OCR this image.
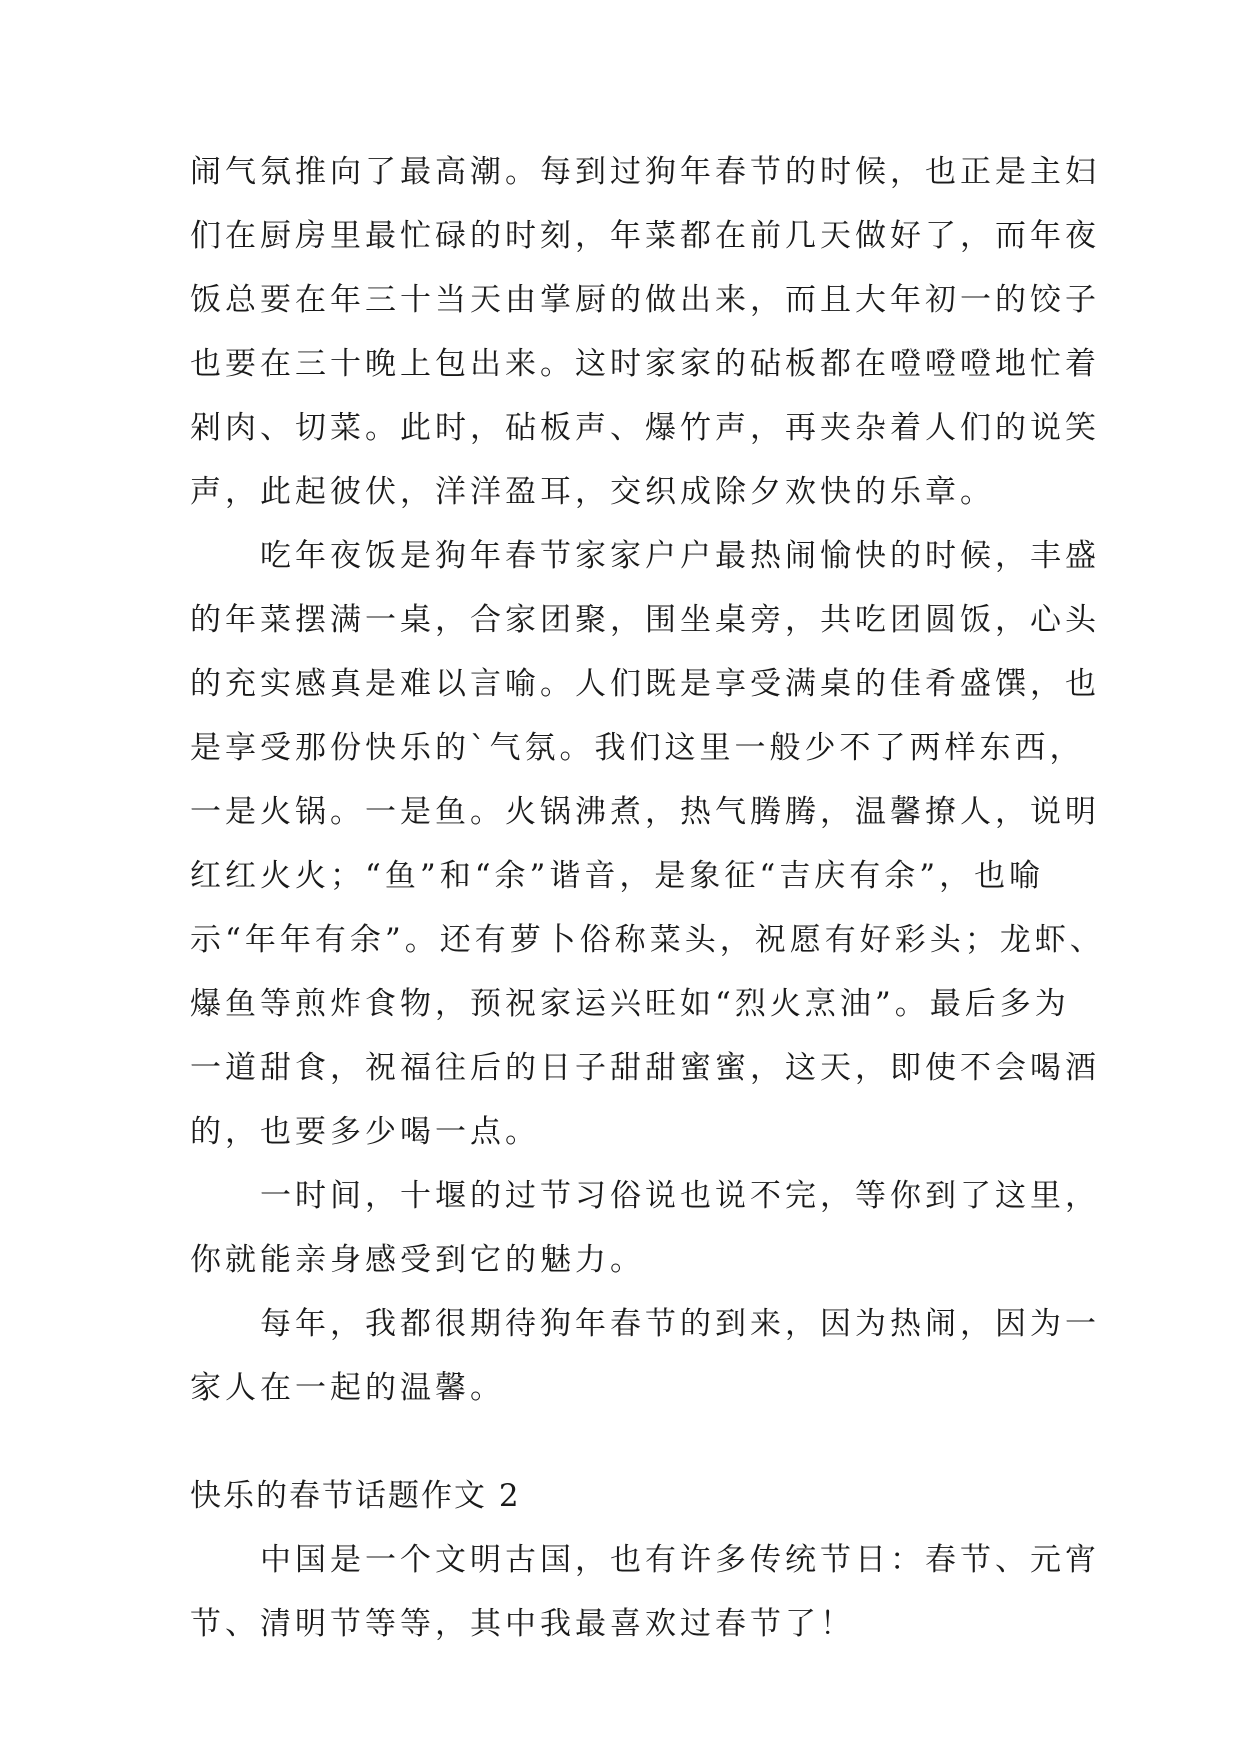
闹气氛推向了最高潮。每到过狗年春节的时候，也正是主妇
们在厨房里最忙碌的时刻，年菜都在前几天做好了，而年夜
饭总要在年三十当天由掌厨的做出来，而且大年初一的饺子
也要在三十晚上包出来。这时家家的砧板都在噔噔噔地忙着
剁肉、切菜。此时，砧板声、爆竹声，再夹杂着人们的说笑
声，此起彼伏，洋洋盈耳，交织成除夕欢快的乐章。
吃年夜饭是狗年春节家家户户最热闹愉快的时候，丰盛
的年菜摆满一桌，合家团聚，围坐桌旁，共吃团圆饭，心头
的充实感真是难以言喻。人们既是享受满桌的佳肴盛馔，也
是享受那份快乐的`气氛。我们这里一般少不了两样东西，
一是火锅。一是鱼。火锅沸煮，热气腾腾，温馨撩人，说明
红红火火；“鱼”和“余”谐音，是象征“吉庆有余”，也喻
示“年年有余”。还有萝卜俗称菜头，祝愿有好彩头；龙虾、
爆鱼等煎炸食物，预祝家运兴旺如“烈火烹油”。最后多为
一道甜食，祝福往后的日子甜甜蜜蜜，这天，即使不会喝酒
的，也要多少喝一点。
一时间，十堰的过节习俗说也说不完，等你到了这里，
你就能亲身感受到它的魅力。
每年，我都很期待狗年春节的到来，因为热闹，因为一
家人在一起的温馨。
快乐的春节话题作文 2
中国是一个文明古国，也有许多传统节日：春节、元宵
节、清明节等等，其中我最喜欢过春节了！
